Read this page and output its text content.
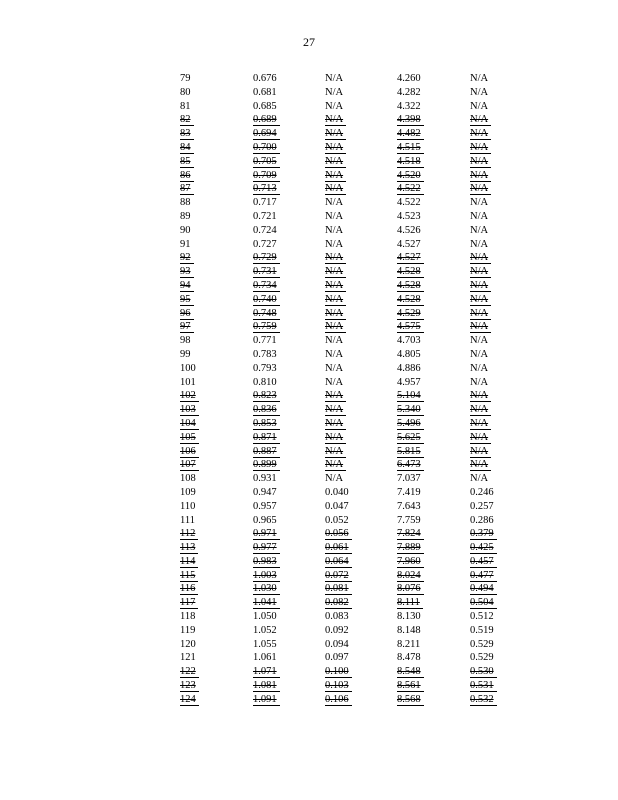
27
79	0.676	N/A	4.260	N/A
80	0.681	N/A	4.282	N/A
81	0.685	N/A	4.322	N/A
82	0.689	N/A	4.398	N/A
83	0.694	N/A	4.482	N/A
84	0.700	N/A	4.515	N/A
85	0.705	N/A	4.518	N/A
86	0.709	N/A	4.520	N/A
87	0.713	N/A	4.522	N/A
88	0.717	N/A	4.522	N/A
89	0.721	N/A	4.523	N/A
90	0.724	N/A	4.526	N/A
91	0.727	N/A	4.527	N/A
92	0.729	N/A	4.527	N/A
93	0.731	N/A	4.528	N/A
94	0.734	N/A	4.528	N/A
95	0.740	N/A	4.528	N/A
96	0.748	N/A	4.529	N/A
97	0.759	N/A	4.575	N/A
98	0.771	N/A	4.703	N/A
99	0.783	N/A	4.805	N/A
100	0.793	N/A	4.886	N/A
101	0.810	N/A	4.957	N/A
102	0.823	N/A	5.104	N/A
103	0.836	N/A	5.340	N/A
104	0.853	N/A	5.496	N/A
105	0.871	N/A	5.625	N/A
106	0.887	N/A	5.815	N/A
107	0.899	N/A	6.473	N/A
108	0.931	N/A	7.037	N/A
109	0.947	0.040	7.419	0.246
110	0.957	0.047	7.643	0.257
111	0.965	0.052	7.759	0.286
112	0.971	0.056	7.824	0.379
113	0.977	0.061	7.889	0.425
114	0.983	0.064	7.960	0.457
115	1.003	0.072	8.024	0.477
116	1.030	0.081	8.076	0.494
117	1.041	0.082	8.111	0.504
118	1.050	0.083	8.130	0.512
119	1.052	0.092	8.148	0.519
120	1.055	0.094	8.211	0.529
121	1.061	0.097	8.478	0.529
122	1.071	0.100	8.548	0.530
123	1.081	0.103	8.561	0.531
124	1.091	0.106	8.568	0.532
